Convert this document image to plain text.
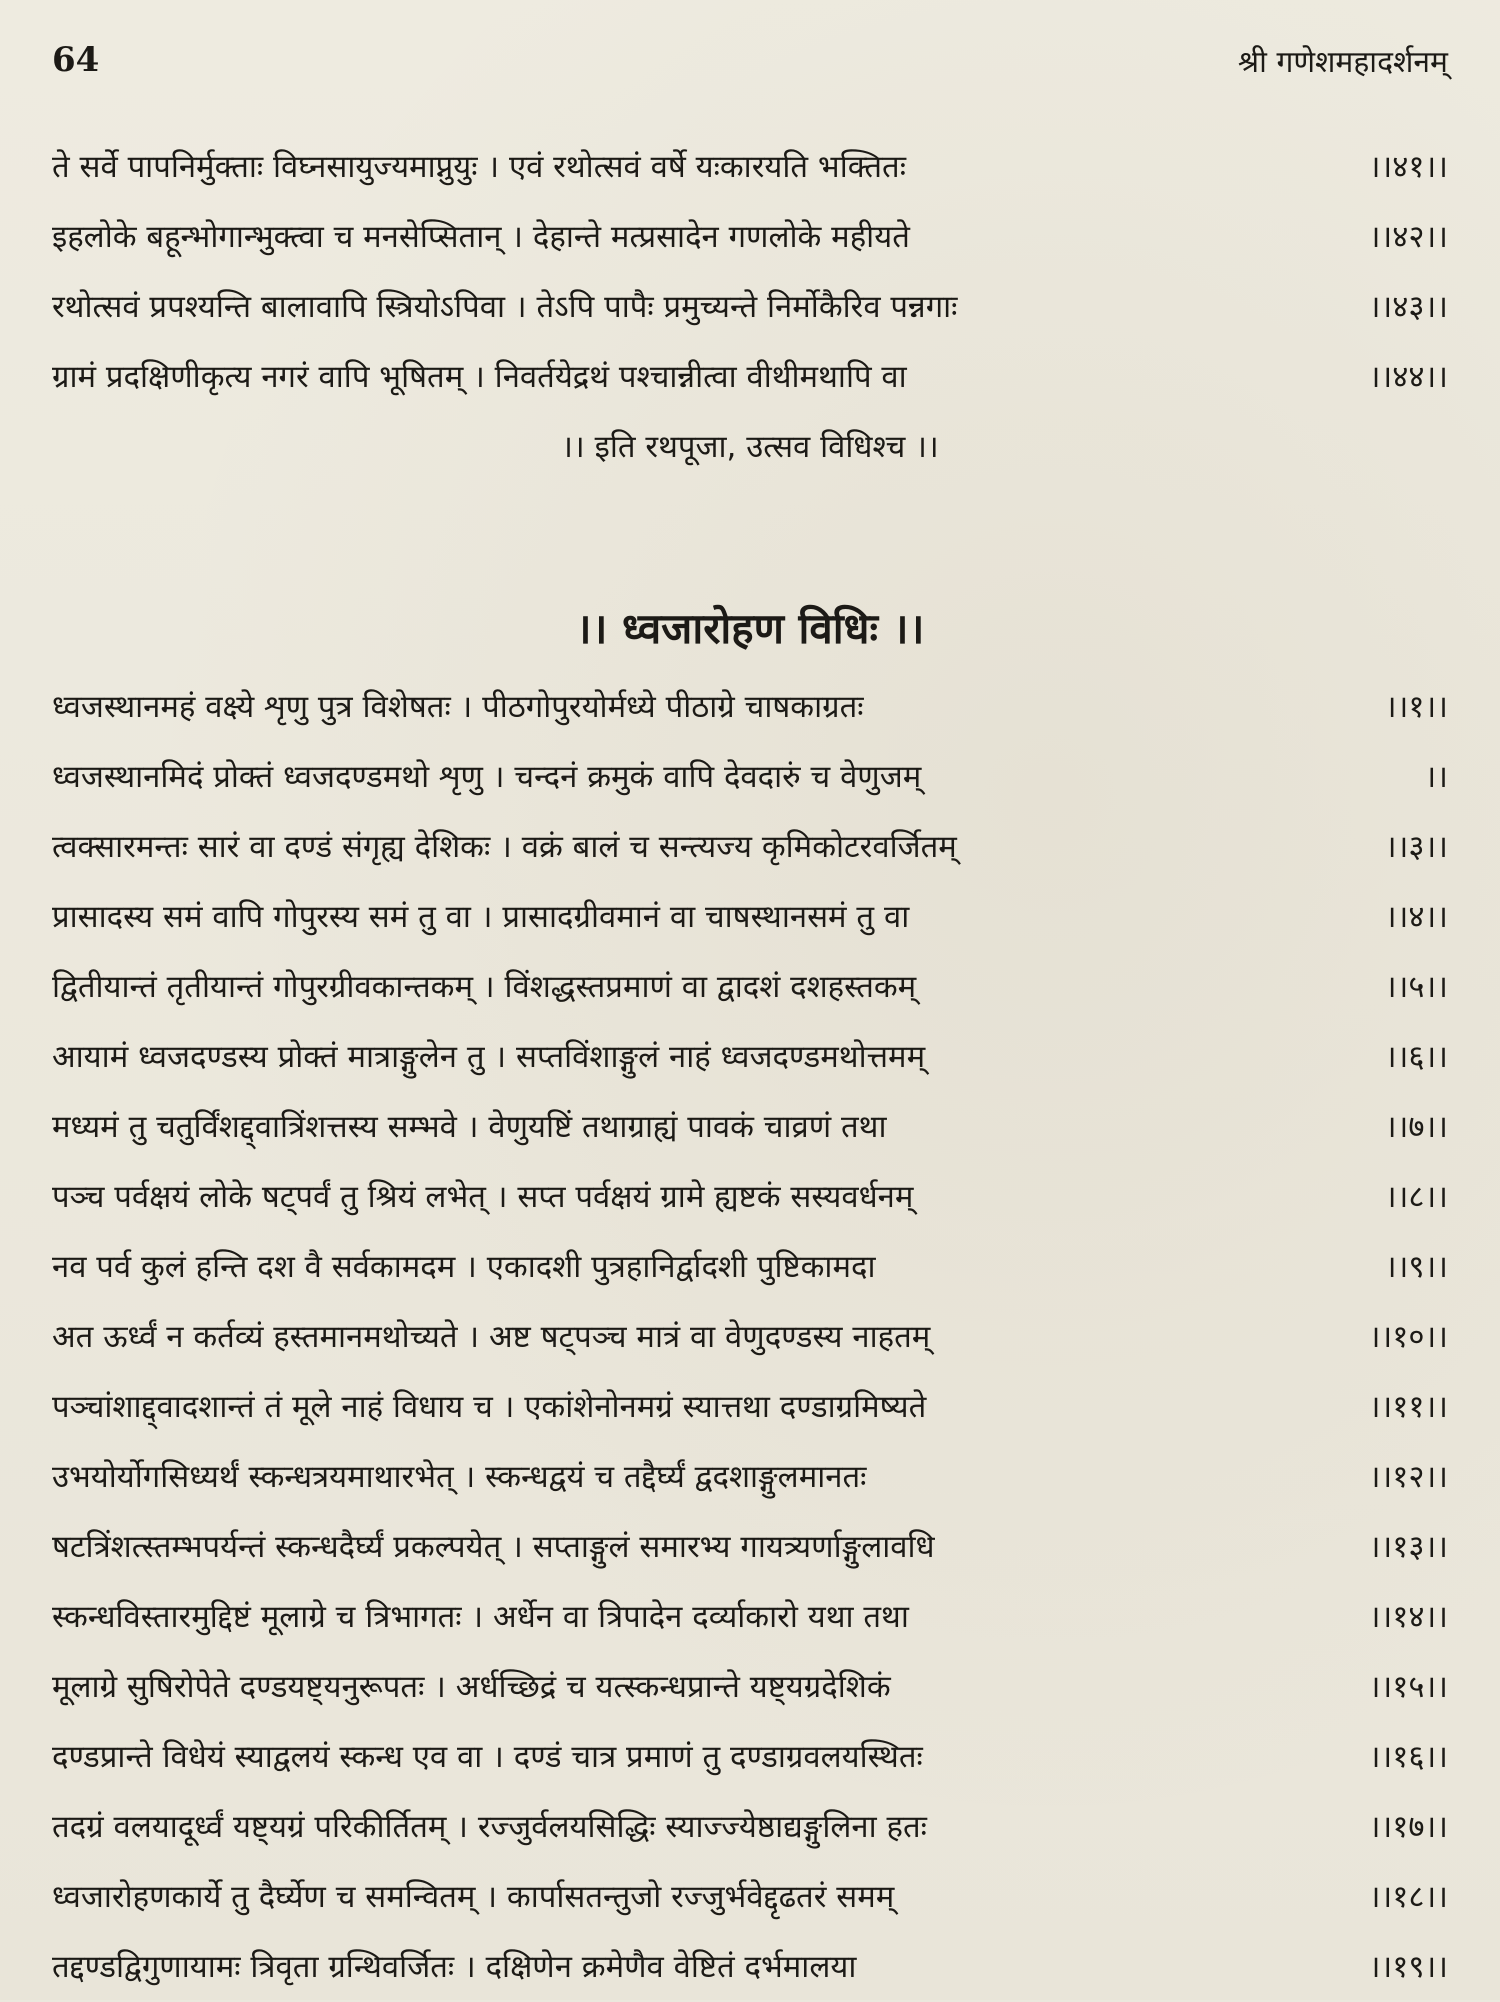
64	श्री गणेशमहादर्शनम्
ते सर्वे पापनिर्मुक्ताः विघ्नसायुज्यमाप्नुयुः । एवं रथोत्सवं वर्षे यःकारयति भक्तितः	।।४१।।
इहलोके बहून्भोगान्भुक्त्वा च मनसेप्सितान् । देहान्ते मत्प्रसादेन गणलोके महीयते	।।४२।।
रथोत्सवं प्रपश्यन्ति बालावापि स्त्रियोऽपिवा । तेऽपि पापैः प्रमुच्यन्ते निर्मोकैरिव पन्नगाः	।।४३।।
ग्रामं प्रदक्षिणीकृत्य नगरं वापि भूषितम् । निवर्तयेद्रथं पश्चान्नीत्वा वीथीमथापि वा	।।४४।।
।। इति रथपूजा, उत्सव विधिश्च ।।
।। ध्वजारोहण विधिः ।।
ध्वजस्थानमहं वक्ष्ये शृणु पुत्र विशेषतः । पीठगोपुरयोर्मध्ये पीठाग्रे चाषकाग्रतः	।।१।।
ध्वजस्थानमिदं प्रोक्तं ध्वजदण्डमथो शृणु । चन्दनं क्रमुकं वापि देवदारुं च वेणुजम्	।।
त्वक्सारमन्तः सारं वा दण्डं संगृह्य देशिकः । वक्रं बालं च सन्त्यज्य कृमिकोटरवर्जितम्	।।३।।
प्रासादस्य समं वापि गोपुरस्य समं तु वा । प्रासादग्रीवमानं वा चाषस्थानसमं तु वा	।।४।।
द्वितीयान्तं तृतीयान्तं गोपुरग्रीवकान्तकम् । विंशद्धस्तप्रमाणं वा द्वादशं दशहस्तकम्	।।५।।
आयामं ध्वजदण्डस्य प्रोक्तं मात्राङ्गुलेन तु । सप्तविंशाङ्गुलं नाहं ध्वजदण्डमथोत्तमम्	।।६।।
मध्यमं तु चतुर्विंशद्द्वात्रिंशत्तस्य सम्भवे । वेणुयष्टिं तथाग्राह्यं पावकं चाव्रणं तथा	।।७।।
पञ्च पर्वक्षयं लोके षट्पर्वं तु श्रियं लभेत् । सप्त पर्वक्षयं ग्रामे ह्यष्टकं सस्यवर्धनम्	।।८।।
नव पर्व कुलं हन्ति दश वै सर्वकामदम । एकादशी पुत्रहानिर्द्वादशी पुष्टिकामदा	।।९।।
अत ऊर्ध्वं न कर्तव्यं हस्तमानमथोच्यते । अष्ट षट्पञ्च मात्रं वा वेणुदण्डस्य नाहतम्	।।१०।।
पञ्चांशाद्द्वादशान्तं तं मूले नाहं विधाय च । एकांशेनोनमग्रं स्यात्तथा दण्डाग्रमिष्यते	।।११।।
उभयोर्योगसिध्यर्थं स्कन्धत्रयमाथारभेत् । स्कन्धद्वयं च तद्दैर्घ्यं द्वदशाङ्गुलमानतः	।।१२।।
षटत्रिंशत्स्तम्भपर्यन्तं स्कन्धदैर्घ्यं प्रकल्पयेत् । सप्ताङ्गुलं समारभ्य गायत्र्यर्णाङ्गुलावधि	।।१३।।
स्कन्धविस्तारमुद्दिष्टं मूलाग्रे च त्रिभागतः । अर्धेन वा त्रिपादेन दर्व्याकारो यथा तथा	।।१४।।
मूलाग्रे सुषिरोपेते दण्डयष्ट्यनुरूपतः । अर्धच्छिद्रं च यत्स्कन्धप्रान्ते यष्ट्यग्रदेशिकं	।।१५।।
दण्डप्रान्ते विधेयं स्याद्वलयं स्कन्ध एव वा । दण्डं चात्र प्रमाणं तु दण्डाग्रवलयस्थितः	।।१६।।
तदग्रं वलयादूर्ध्वं यष्ट्यग्रं परिकीर्तितम् । रज्जुर्वलयसिद्धिः स्याज्ज्येष्ठाद्यङ्गुलिना हतः	।।१७।।
ध्वजारोहणकार्ये तु दैर्घ्येण च समन्वितम् । कार्पासतन्तुजो रज्जुर्भवेद्दृढतरं समम्	।।१८।।
तद्दण्डद्विगुणायामः त्रिवृता ग्रन्थिवर्जितः । दक्षिणेन क्रमेणैव वेष्टितं दर्भमालया	।।१९।।
